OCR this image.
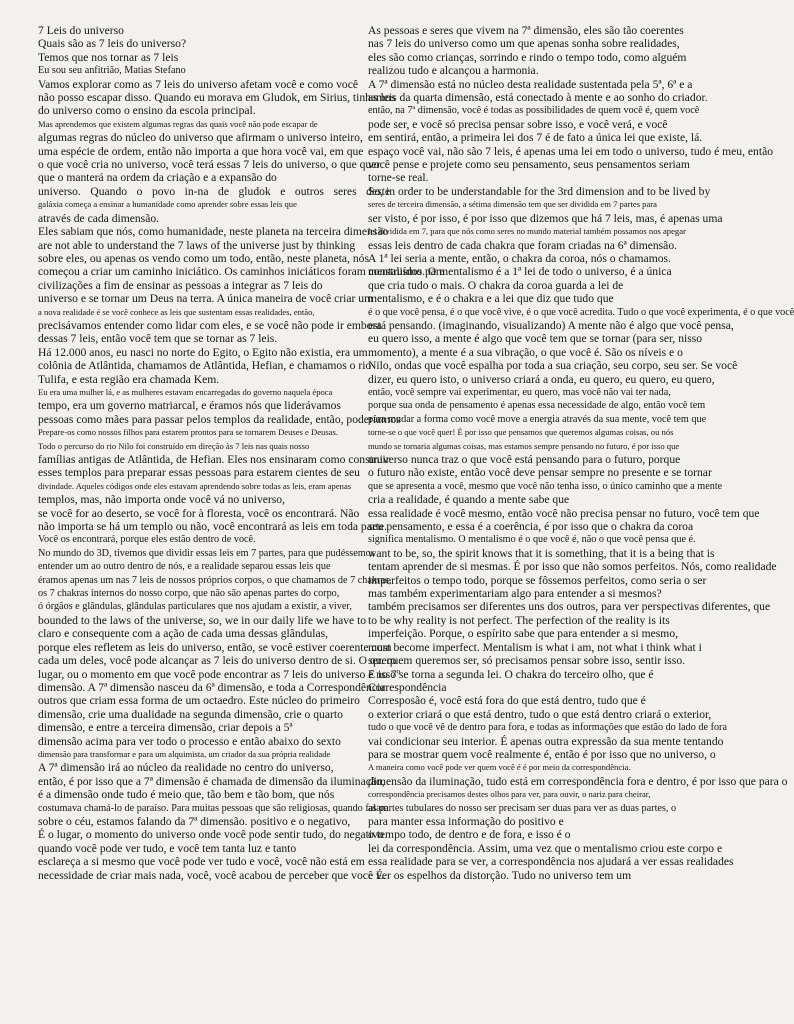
7 Leis do universo
Quais são as 7 leis do universo?
Temos que nos tornar as 7 leis
Eu sou seu anfitrião, Matias Stefano
Vamos explorar como as 7 leis do universo afetam você e como você
não posso escapar disso. Quando eu morava em Gludok, em Sirius, tinhamos
do universo como o ensino da escola principal.
Mas aprendemos que existem algumas regras das quais você não pode escapar de
algumas regras do núcleo do universo que afirmam o universo inteiro,
uma espécie de ordem, então não importa a que hora você vai, em que
o que você cria no universo, você terá essas 7 leis do universo, o que quer
que o manterá na ordem da criação e a expansão do
universo. Quando o povo in-na de gludok e outros seres deste
galáxia começa a ensinar a humanidade como aprender sobre essas leis que
através de cada dimensão.
Eles sabiam que nós, como humanidade, neste planeta na terceira dimensão
are not able to understand the 7 laws of the universe just by thinking
sobre eles, ou apenas os vendo como um todo, então, neste planeta, nós
começou a criar um caminho iniciático. Os caminhos iniciáticos foram construídos para
civilizações a fim de ensinar as pessoas a integrar as 7 leis do
universo e se tornar um Deus na terra. A única maneira de você criar um
a nova realidade é se você conhece as leis que sustentam essas realidades, então,
precisávamos entender como lidar com eles, e se você não pode ir embora
dessas 7 leis, então você tem que se tornar as 7 leis.
Há 12.000 anos, eu nasci no norte do Egito, o Egito não existia, era um
colônia de Atlântida, chamamos de Atlântida, Hefian, e chamamos o rio
Tulifa, e esta região era chamada Kem.
Eu era uma mulher lá, e as mulheres estavam encarregadas do governo naquela época
tempo, era um governo matriarcal, e éramos nós que liderávamos
pessoas como mães para passar pelos templos da realidade, então, poderíamos
Prepare-os como nossos filhos para estarem prontos para se tornarem Deuses e Deusas.
Todo o percurso do rio Nilo foi construído em direção às 7 leis nas quais nosso
famílias antigas de Atlântida, de Hefian. Eles nos ensinaram como construir
esses templos para preparar essas pessoas para estarem cientes de seu
divindade. Aqueles códigos onde eles estavam aprendendo sobre todas as leis, eram apenas
templos, mas, não importa onde você vá no universo,
se você for ao deserto, se você for à floresta, você os encontrará. Não
não importa se há um templo ou não, você encontrará as leis em toda parte.
Você os encontrará, porque eles estão dentro de você.
No mundo do 3D, tivemos que dividir essas leis em 7 partes, para que pudéssemos
entender um ao outro dentro de nós, e a realidade separou essas leis que
éramos apenas um nas 7 leis de nossos próprios corpos, o que chamamos de 7 chakras,
os 7 chakras internos do nosso corpo, que não são apenas partes do corpo,
ó órgãos e glândulas, glândulas particulares que nos ajudam a existir, a viver,
bounded to the laws of the universe, so, we in our daily life we have to
claro e consequente com a ação de cada uma dessas glândulas,
porque eles refletem as leis do universo, então, se você estiver coerente com
cada um deles, você pode alcançar as 7 leis do universo dentro de si. O quero
lugar, ou o momento em que você pode encontrar as 7 leis do universo é no 7º
dimensão. A 7ª dimensão nasceu da 6ª dimensão, e toda a Correspondência
outros que criam essa forma de um octaedro. Este núcleo do primeiro
dimensão, crie uma dualidade na segunda dimensão, crie o quarto
dimensão, e entre a terceira dimensão, criar depois a 5ª
dimensão acima para ver todo o processo e então abaixo do sexto
dimensão para transformar e para um alquimista, um criador da sua própria realidade
A 7ª dimensão irá ao núcleo da realidade no centro do universo,
então, é por isso que a 7ª dimensão é chamada de dimensão da iluminação,
é a dimensão onde tudo é meio que, tão bem e tão bom, que nós
costumava chamá-lo de paraíso. Para muitas pessoas que são religiosas, quando falam
sobre o céu, estamos falando da 7ª dimensão. positivo e o negativo,
É o lugar, o momento do universo onde você pode sentir tudo, do negativo
quando você pode ver tudo, e você tem tanta luz e tanto
esclareça a si mesmo que você pode ver tudo e você, você não está em
necessidade de criar mais nada, você, você acabou de perceber que você É.
As pessoas e seres que vivem na 7ª dimensão, eles são tão coerentes
nas 7 leis do universo como um que apenas sonha sobre realidades,
eles são como crianças, sorrindo e rindo o tempo todo, como alguém
realizou tudo e alcançou a harmonia.
A 7ª dimensão está no núcleo desta realidade sustentada pela 5ª, 6ª e a
as leis da quarta dimensão, está conectado à mente e ao sonho do criador.
então, na 7ª dimensão, você é todas as possibilidades de quem você é, quem você
pode ser, e você só precisa pensar sobre isso, e você verá, e você
em sentirá, então, a primeira lei dos 7 é de fato a única lei que existe, lá.
espaço você vai, não são 7 leis, é apenas uma lei em todo o universo, tudo é meu, então
você pense e projete como seu pensamento, seus pensamentos seriam
torne-se real.
So, in order to be understandable for the 3rd dimension and to be lived by
seres de terceira dimensão, a sétima dimensão tem que ser dividida em 7 partes para
ser visto, é por isso, é por isso que dizemos que há 7 leis, mas, é apenas uma
lei dividida em 7, para que nós como seres no mundo material também possamos nos apegar
essas leis dentro de cada chakra que foram criadas na 6ª dimensão.
A 1ª lei seria a mente, então, o chakra da coroa, nós o chamamos.
mentalismo. O mentalismo é a 1ª lei de todo o universo, é a única
que cria tudo o mais. O chakra da coroa guarda a lei de
mentalismo, e é o chakra e a lei que diz que tudo que
é o que você pensa, é o que você vive, é o que você acredita. Tudo o que você experimenta, é o que você
está pensando. (imaginando, visualizando) A mente não é algo que você pensa,
eu quero isso, a mente é algo que você tem que se tornar (para ser, nisso
momento), a mente é a sua vibração, o que você é. São os níveis e o
Nilo, ondas que você espalha por toda a sua criação, seu corpo, seu ser. Se você
dizer, eu quero isto, o universo criará a onda, eu quero, eu quero, eu quero,
então, você sempre vai experimentar, eu quero, mas você não vai ter nada,
porque sua onda de pensamento é apenas essa necessidade de algo, então você tem
para mudar a forma como você move a energia através da sua mente, você tem que
torne-se o que você quer! É por isso que pensamos que queremos algumas coisas, ou nós
mundo se tornaria algumas coisas, mas estamos sempre pensando no futuro, é por isso que
universo nunca traz o que você está pensando para o futuro, porque
o futuro não existe, então você deve pensar sempre no presente e se tornar
que se apresenta a você, mesmo que você não tenha isso, o único caminho que a mente
cria a realidade, é quando a mente sabe que
essa realidade é você mesmo, então você não precisa pensar no futuro, você tem que
seu pensamento, e essa é a coerência, é por isso que o chakra da coroa
significa mentalismo. O mentalismo é o que você é, não o que você pensa que é.
want to be, so, the spirit knows that it is something, that it is a being that is
tentam aprender de si mesmas. É por isso que não somos perfeitos. Nós, como realidade
imperfeitos o tempo todo, porque se fôssemos perfeitos, como seria o ser
mas também experimentariam algo para entender a si mesmos?
também precisamos ser diferentes uns dos outros, para ver perspectivas diferentes, que
to be why reality is not perfect. The perfection of the reality is its
imperfeição. Porque, o espírito sabe que para entender a si mesmo,
must become imperfect. Mentalism is what i am, not what i think what i
ser. quem queremos ser, só precisamos pensar sobre isso, sentir isso.
E isso se torna a segunda lei. O chakra do terceiro olho, que é
Correspondência
Corresposão é, você está fora do que está dentro, tudo que é
o exterior criará o que está dentro, tudo o que está dentro criará o exterior,
tudo o que você vê de dentro para fora, e todas as informações que estão do lado de fora
vai condicionar seu interior. É apenas outra expressão da sua mente tentando
para se mostrar quem você realmente é, então é por isso que no universo, o
A maneira como você pode ver quem você é é por meio da correspondência.
dimensão da iluminação, tudo está em correspondência fora e dentro, é por isso que para o
correspondência precisamos destes olhos para ver, para ouvir, o nariz para cheirar,
as partes tubulares do nosso ser precisam ser duas para ver as duas partes, o
para manter essa informação do positivo e
o tempo todo, de dentro e de fora, e isso é o
lei da correspondência. Assim, uma vez que o mentalismo criou este corpo e
essa realidade para se ver, a correspondência nos ajudará a ver essas realidades
e ver os espelhos da distorção. Tudo no universo tem um
